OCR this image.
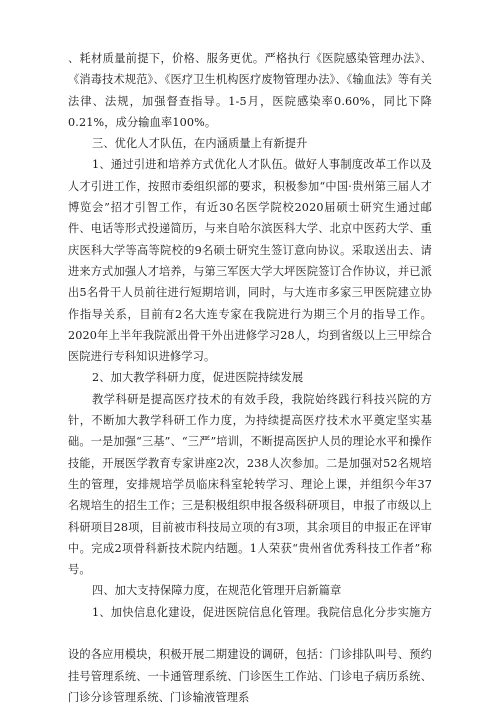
、耗材质量前提下，价格、服务更优。严格执行《医院感染管理办法》、《消毒技术规范》、《医疗卫生机构医疗废物管理办法》、《输血法》等有关法律、法规，加强督查指导。1-5月，医院感染率0.60%，同比下降0.21%，成分输血率100%。

三、优化人才队伍，在内涵质量上有新提升

1、通过引进和培养方式优化人才队伍。做好人事制度改革工作以及人才引进工作，按照市委组织部的要求，积极参加“中国·贵州第三届人才博览会”招才引智工作，有近30名医学院校2020届硕士研究生通过邮件、电话等形式投递简历，与来自哈尔滨医科大学、北京中医药大学、重庆医科大学等高等院校的9名硕士研究生签订意向协议。采取送出去、请进来方式加强人才培养，与第三军医大学大坪医院签订合作协议，并已派出5名骨干人员前往进行短期培训，同时，与大连市多家三甲医院建立协作指导关系，目前有2名大连专家在我院进行为期三个月的指导工作。2020年上半年我院派出骨干外出进修学习28人，均到省级以上三甲综合医院进行专科知识进修学习。

2、加大教学科研力度，促进医院持续发展

教学科研是提高医疗技术的有效手段，我院始终践行科技兴院的方针，不断加大教学科研工作力度，为持续提高医疗技术水平奠定坚实基础。一是加强“三基”、“三严”培训，不断提高医护人员的理论水平和操作技能，开展医学教育专家讲座2次，238人次参加。二是加强对52名规培生的管理，安排规培学员临床科室轮转学习、理论上课，并组织今年37名规培生的招生工作；三是积极组织申报各级科研项目，申报了市级以上科研项目28项，目前被市科技局立项的有3项，其余项目的申报正在评审中。完成2项骨科新技术院内结题。1人荣获“贵州省优秀科技工作者”称号。

四、加大支持保障力度，在规范化管理开启新篇章

1、加快信息化建设，促进医院信息化管理。我院信息化分步实施方 设的各应用模块，积极开展二期建设的调研，包括：门诊排队叫号、预约挂号管理系统、一卡通管理系统、门诊医生工作站、门诊电子病历系统、门诊分诊管理系统、门诊输液管理系
